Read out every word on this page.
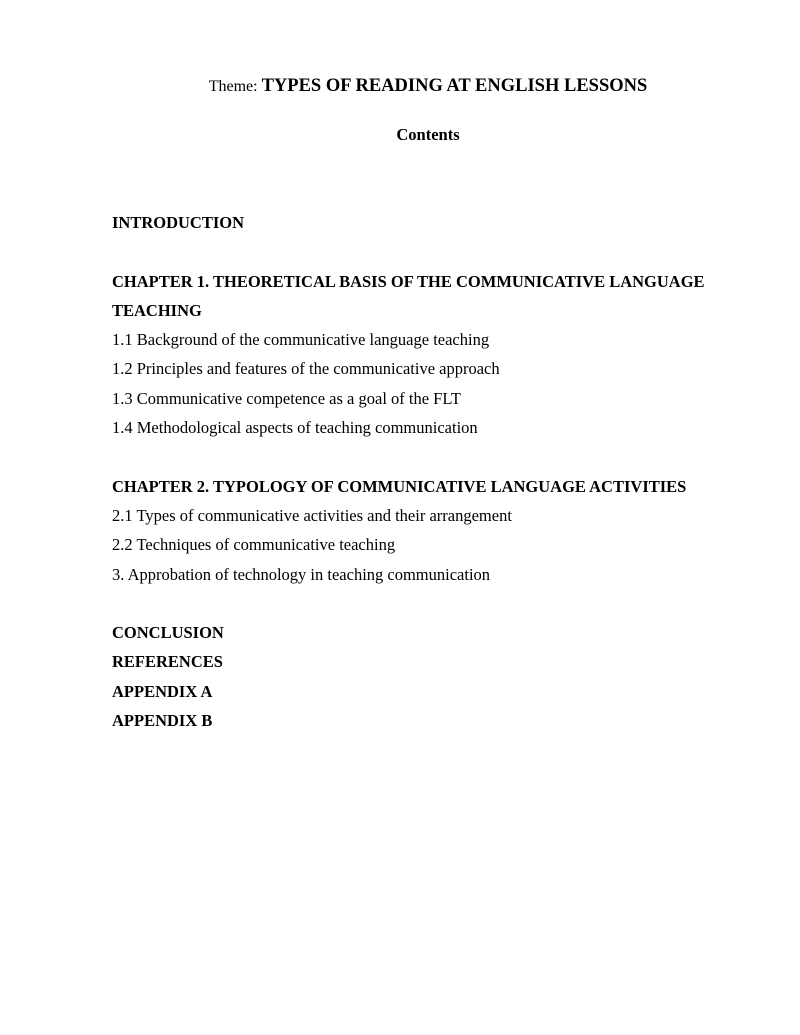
Theme: TYPES OF READING AT ENGLISH LESSONS
Contents
INTRODUCTION
CHAPTER 1. THEORETICAL BASIS OF THE COMMUNICATIVE LANGUAGE TEACHING
1.1 Background of the communicative language teaching
1.2 Principles and features of the communicative approach
1.3 Communicative competence as a goal of the FLT
1.4 Methodological aspects of teaching communication
CHAPTER 2. TYPOLOGY OF COMMUNICATIVE LANGUAGE ACTIVITIES
2.1 Types of communicative activities and their arrangement
2.2 Techniques of communicative teaching
3. Approbation of technology in teaching communication
CONCLUSION
REFERENCES
APPENDIX A
APPENDIX B
